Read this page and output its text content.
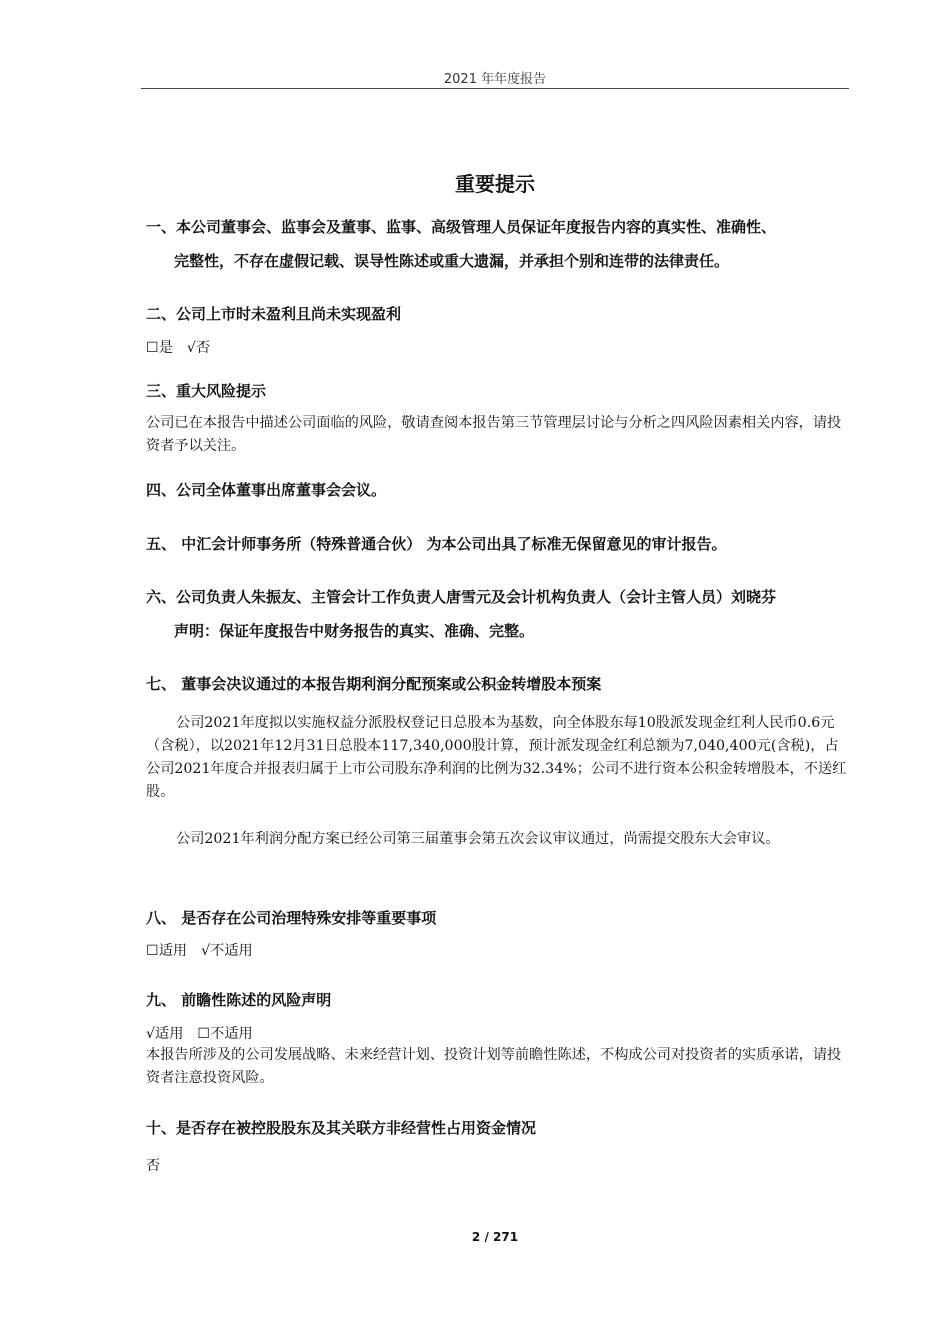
2021 年年度报告
重要提示
一、本公司董事会、监事会及董事、监事、高级管理人员保证年度报告内容的真实性、准确性、
完整性，不存在虚假记载、误导性陈述或重大遗漏，并承担个别和连带的法律责任。
二、公司上市时未盈利且尚未实现盈利
☐是 √否
三、重大风险提示
公司已在本报告中描述公司面临的风险，敬请查阅本报告第三节管理层讨论与分析之四风险因素相关内容，请投资者予以关注。
四、公司全体董事出席董事会会议。
五、 中汇会计师事务所（特殊普通合伙） 为本公司出具了标准无保留意见的审计报告。
六、公司负责人朱振友、主管会计工作负责人唐雪元及会计机构负责人（会计主管人员）刘晓芬
声明：保证年度报告中财务报告的真实、准确、完整。
七、 董事会决议通过的本报告期利润分配预案或公积金转增股本预案
公司2021年度拟以实施权益分派股权登记日总股本为基数，向全体股东每10股派发现金红利人民币0.6元（含税），以2021年12月31日总股本117,340,000股计算，预计派发现金红利总额为7,040,400元(含税)，占公司2021年度合并报表归属于上市公司股东净利润的比例为32.34%；公司不进行资本公积金转增股本，不送红股。
公司2021年利润分配方案已经公司第三届董事会第五次会议审议通过，尚需提交股东大会审议。
八、 是否存在公司治理特殊安排等重要事项
☐适用 √不适用
九、 前瞻性陈述的风险声明
√适用 ☐不适用
本报告所涉及的公司发展战略、未来经营计划、投资计划等前瞻性陈述，不构成公司对投资者的实质承诺，请投资者注意投资风险。
十、是否存在被控股股东及其关联方非经营性占用资金情况
否
2 / 271
